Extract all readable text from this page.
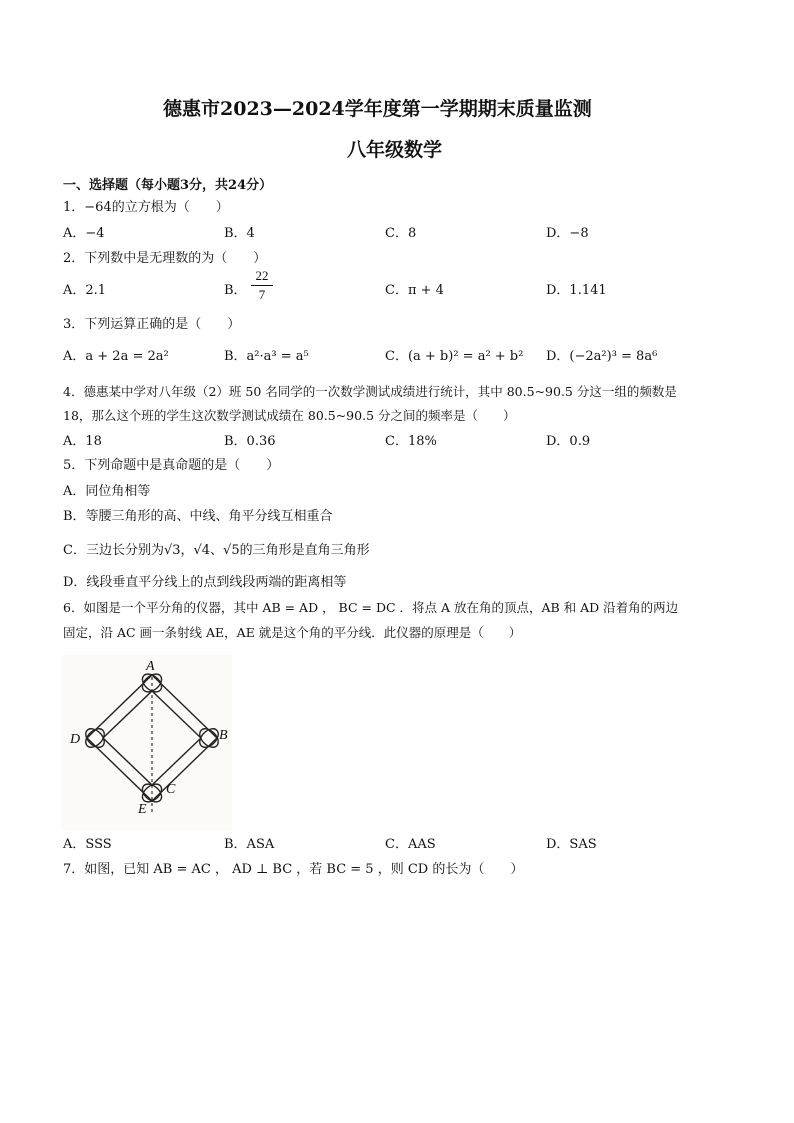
德惠市2023—2024学年度第一学期期末质量监测
八年级数学
一、选择题（每小题3分，共24分）
1．−64的立方根为（　　）
A．−4	B．4	C．8	D．−8
2．下列数中是无理数的为（　　）
A．2.1	B．
22
7	C．π + 4	D．1.141
3．下列运算正确的是（　　）
A．a + 2a = 2a²	B．a²·a³ = a⁵	C．(a + b)² = a² + b² D．(−2a²)³ = 8a⁶
4．德惠某中学对八年级（2）班 50 名同学的一次数学测试成绩进行统计，其中 80.5~90.5 分这一组的频数是
18，那么这个班的学生这次数学测试成绩在 80.5~90.5 分之间的频率是（　　）
A．18	B．0.36	C．18%	D．0.9
5．下列命题中是真命题的是（　　）
A．同位角相等
B．等腰三角形的高、中线、角平分线互相重合
C．三边长分别为√3，√4、√5的三角形是直角三角形
D．线段垂直平分线上的点到线段两端的距离相等
6．如图是一个平分角的仪器，其中 AB = AD ， BC = DC ．将点 A 放在角的顶点，AB 和 AD 沿着角的两边
固定，沿 AC 画一条射线 AE，AE 就是这个角的平分线．此仪器的原理是（　　）
A
B
C
D
E
A．SSS	B．ASA	C．AAS	D．SAS
7．如图，已知 AB = AC ， AD ⊥ BC ，若 BC = 5 ，则 CD 的长为（　　）
